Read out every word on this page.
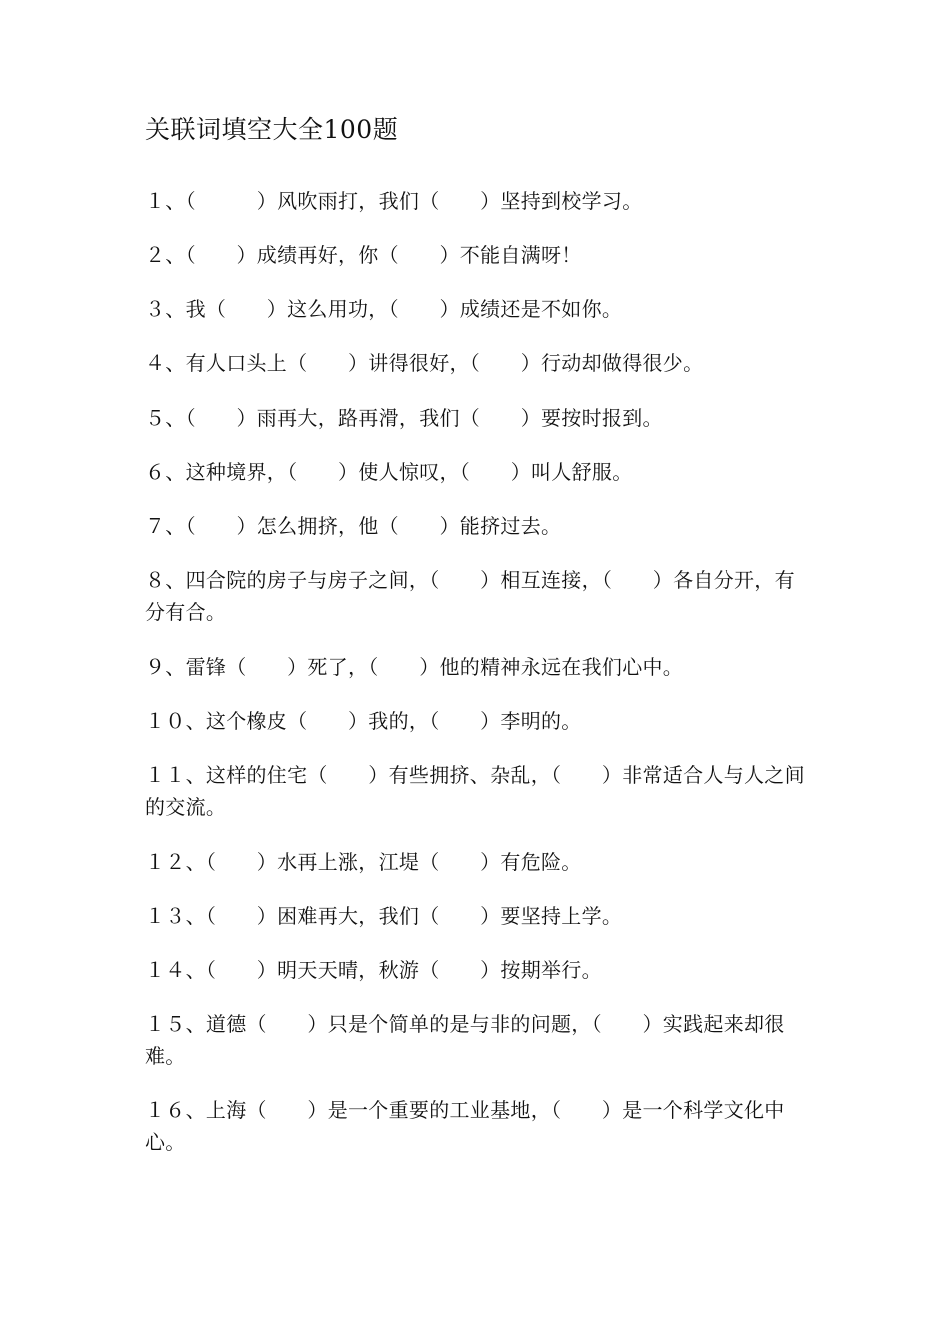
关联词填空大全100题
１、（　　　）风吹雨打，我们（　　）坚持到校学习。
２、（　　）成绩再好，你（　　）不能自满呀！
３、我（　　）这么用功，（　　）成绩还是不如你。
４、有人口头上（　　）讲得很好，（　　）行动却做得很少。
５、（　　）雨再大，路再滑，我们（　　）要按时报到。
６、这种境界，（　　）使人惊叹，（　　）叫人舒服。
７、（　　）怎么拥挤，他（　　）能挤过去。
８、四合院的房子与房子之间，（　　）相互连接，（　　）各自分开，有分有合。
９、雷锋（　　）死了，（　　）他的精神永远在我们心中。
１０、这个橡皮（　　）我的，（　　）李明的。
１１、这样的住宅（　　）有些拥挤、杂乱，（　　）非常适合人与人之间的交流。
１２、（　　）水再上涨，江堤（　　）有危险。
１３、（　　）困难再大，我们（　　）要坚持上学。
１４、（　　）明天天晴，秋游（　　）按期举行。
１５、道德（　　）只是个简单的是与非的问题，（　　）实践起来却很难。
１６、上海（　　）是一个重要的工业基地，（　　）是一个科学文化中心。
